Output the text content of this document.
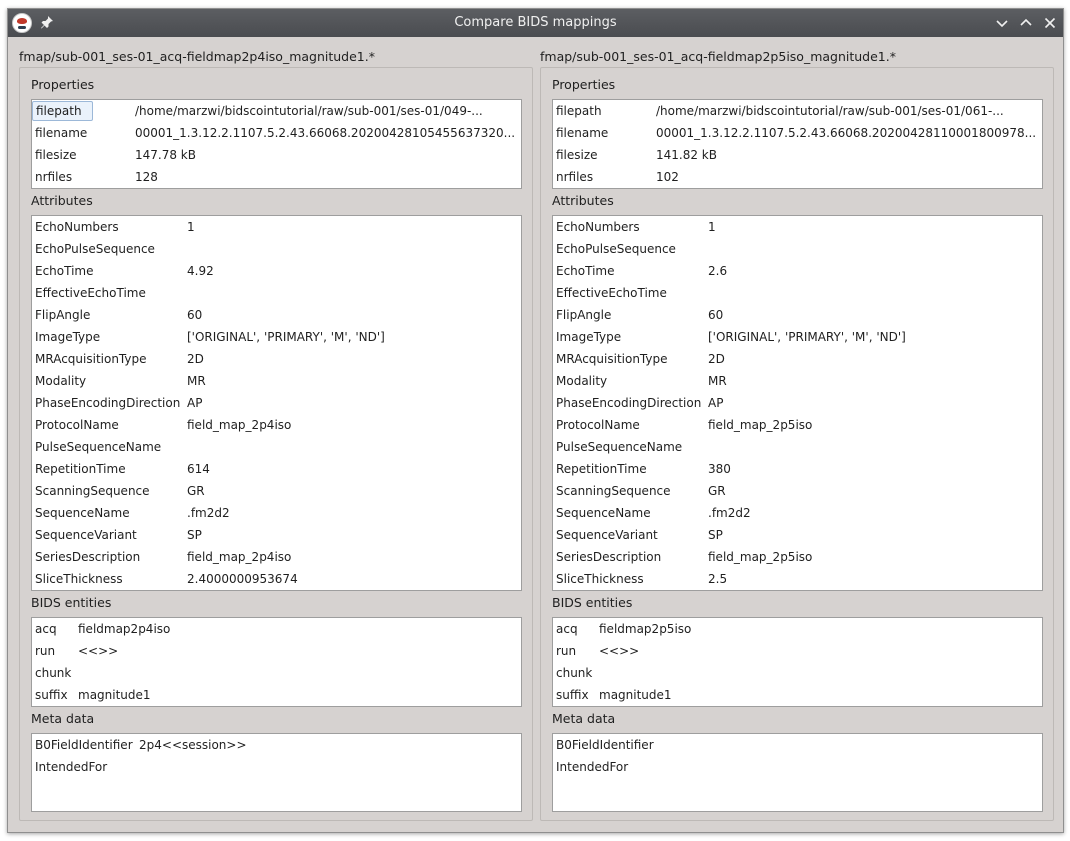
Compare BIDS mappings
fmap/sub-001_ses-01_acq-fieldmap2p4iso_magnitude1.*
Properties
filepath	/home/marzwi/bidscointutorial/raw/sub-001/ses-01/049-...
filename	00001_1.3.12.2.1107.5.2.43.66068.20200428105455637320...
filesize	147.78 kB
nrfiles	128
Attributes
EchoNumbers	1
EchoPulseSequence
EchoTime	4.92
EffectiveEchoTime
FlipAngle	60
ImageType	['ORIGINAL', 'PRIMARY', 'M', 'ND']
MRAcquisitionType	2D
Modality	MR
PhaseEncodingDirection AP
ProtocolName	field_map_2p4iso
PulseSequenceName
RepetitionTime	614
ScanningSequence	GR
SequenceName	.fm2d2
SequenceVariant	SP
SeriesDescription	field_map_2p4iso
SliceThickness	2.4000000953674
BIDS entities
acq fieldmap2p4iso
run <<>>
chunk
suffix magnitude1
Meta data
B0FieldIdentifier 2p4<<session>>
IntendedFor
fmap/sub-001_ses-01_acq-fieldmap2p5iso_magnitude1.*
Properties
filepath	/home/marzwi/bidscointutorial/raw/sub-001/ses-01/061-...
filename	00001_1.3.12.2.1107.5.2.43.66068.20200428110001800978...
filesize	141.82 kB
nrfiles	102
Attributes
EchoNumbers	1
EchoPulseSequence
EchoTime	2.6
EffectiveEchoTime
FlipAngle	60
ImageType	['ORIGINAL', 'PRIMARY', 'M', 'ND']
MRAcquisitionType	2D
Modality	MR
PhaseEncodingDirection AP
ProtocolName	field_map_2p5iso
PulseSequenceName
RepetitionTime	380
ScanningSequence	GR
SequenceName	.fm2d2
SequenceVariant	SP
SeriesDescription	field_map_2p5iso
SliceThickness	2.5
BIDS entities
acq fieldmap2p5iso
run <<>>
chunk
suffix magnitude1
Meta data
B0FieldIdentifier
IntendedFor
